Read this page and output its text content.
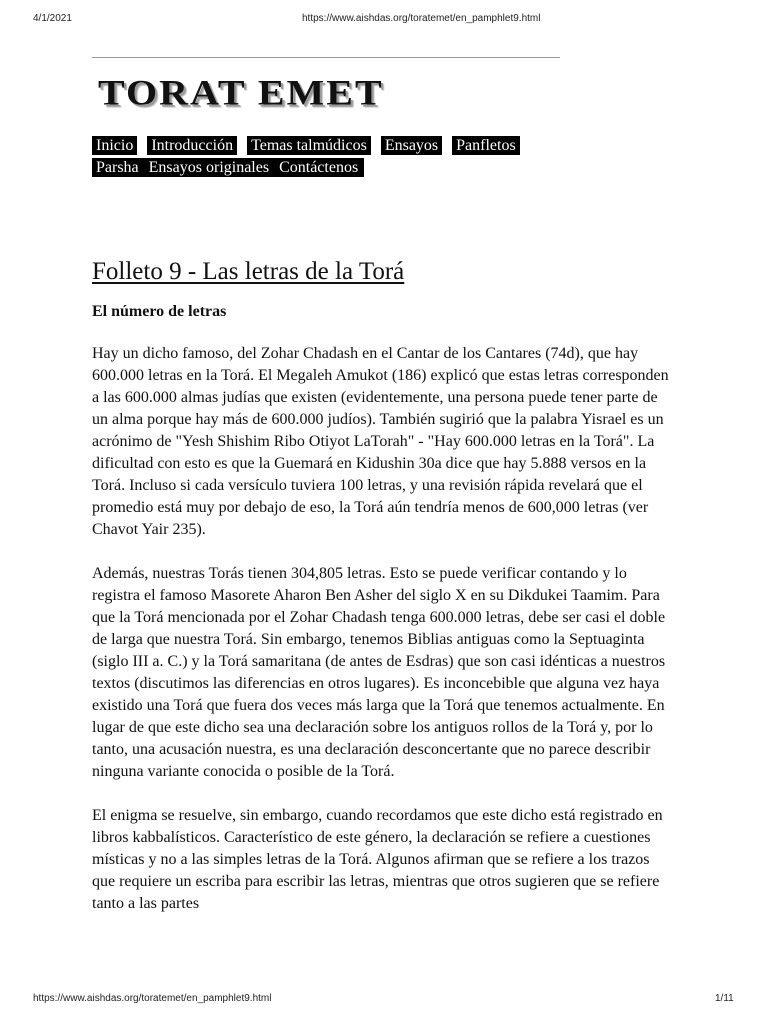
4/1/2021	https://www.aishdas.org/toratemet/en_pamphlet9.html
TORAT EMET
Inicio Introducción Temas talmúdicos Ensayos Panfletos
Parsha Ensayos originales Contáctenos
Folleto 9 - Las letras de la Torá
El número de letras

Hay un dicho famoso, del Zohar Chadash en el Cantar de los Cantares (74d), que hay 600.000 letras en la Torá. El Megaleh Amukot (186) explicó que estas letras corresponden a las 600.000 almas judías que existen (evidentemente, una persona puede tener parte de un alma porque hay más de 600.000 judíos). También sugirió que la palabra Yisrael es un acrónimo de "Yesh Shishim Ribo Otiyot LaTorah" - "Hay 600.000 letras en la Torá". La dificultad con esto es que la Guemará en Kidushin 30a dice que hay 5.888 versos en la Torá. Incluso si cada versículo tuviera 100 letras, y una revisión rápida revelará que el promedio está muy por debajo de eso, la Torá aún tendría menos de 600,000 letras (ver Chavot Yair 235).

Además, nuestras Torás tienen 304,805 letras. Esto se puede verificar contando y lo registra el famoso Masorete Aharon Ben Asher del siglo X en su Dikdukei Taamim. Para que la Torá mencionada por el Zohar Chadash tenga 600.000 letras, debe ser casi el doble de larga que nuestra Torá. Sin embargo, tenemos Biblias antiguas como la Septuaginta (siglo III a. C.) y la Torá samaritana (de antes de Esdras) que son casi idénticas a nuestros textos (discutimos las diferencias en otros lugares). Es inconcebible que alguna vez haya existido una Torá que fuera dos veces más larga que la Torá que tenemos actualmente. En lugar de que este dicho sea una declaración sobre los antiguos rollos de la Torá y, por lo tanto, una acusación nuestra, es una declaración desconcertante que no parece describir ninguna variante conocida o posible de la Torá.

El enigma se resuelve, sin embargo, cuando recordamos que este dicho está registrado en libros kabbalísticos. Característico de este género, la declaración se refiere a cuestiones místicas y no a las simples letras de la Torá. Algunos afirman que se refiere a los trazos que requiere un escriba para escribir las letras, mientras que otros sugieren que se refiere tanto a las partes

https://www.aishdas.org/toratemet/en_pamphlet9.html	1/11
